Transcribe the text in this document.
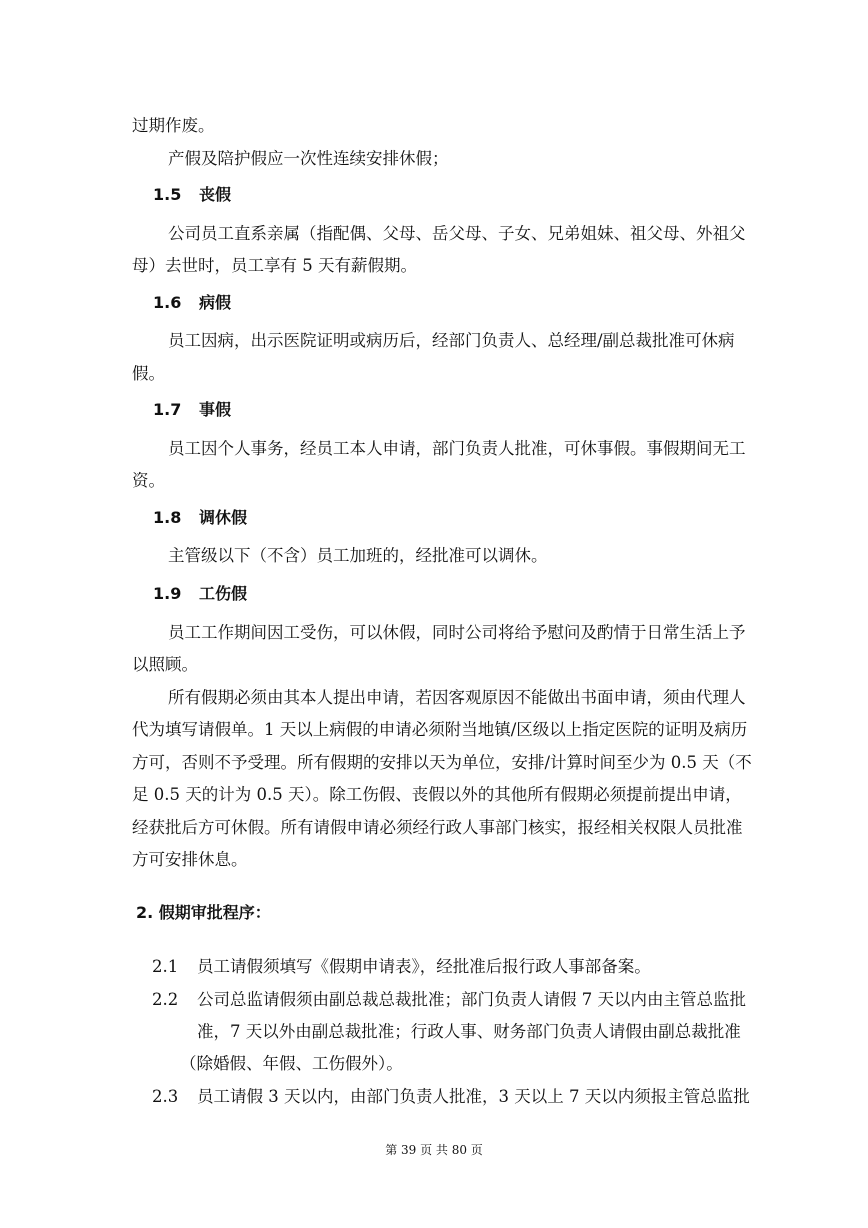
过期作废。
产假及陪护假应一次性连续安排休假；
1.5 丧假
公司员工直系亲属（指配偶、父母、岳父母、子女、兄弟姐妹、祖父母、外祖父
母）去世时，员工享有 5 天有薪假期。
1.6 病假
员工因病，出示医院证明或病历后，经部门负责人、总经理/副总裁批准可休病
假。
1.7 事假
员工因个人事务，经员工本人申请，部门负责人批准，可休事假。事假期间无工
资。
1.8 调休假
主管级以下（不含）员工加班的，经批准可以调休。
1.9 工伤假
员工工作期间因工受伤，可以休假，同时公司将给予慰问及酌情于日常生活上予
以照顾。
所有假期必须由其本人提出申请，若因客观原因不能做出书面申请，须由代理人
代为填写请假单。1 天以上病假的申请必须附当地镇/区级以上指定医院的证明及病历
方可，否则不予受理。所有假期的安排以天为单位，安排/计算时间至少为 0.5 天（不
足 0.5 天的计为 0.5 天）。除工伤假、丧假以外的其他所有假期必须提前提出申请，
经获批后方可休假。所有请假申请必须经行政人事部门核实，报经相关权限人员批准
方可安排休息。
2. 假期审批程序：
2.1 员工请假须填写《假期申请表》，经批准后报行政人事部备案。
2.2 公司总监请假须由副总裁总裁批准；部门负责人请假 7 天以内由主管总监批
准，7 天以外由副总裁批准；行政人事、财务部门负责人请假由副总裁批准
（除婚假、年假、工伤假外）。
2.3 员工请假 3 天以内，由部门负责人批准，3 天以上 7 天以内须报主管总监批
第 39 页 共 80 页
